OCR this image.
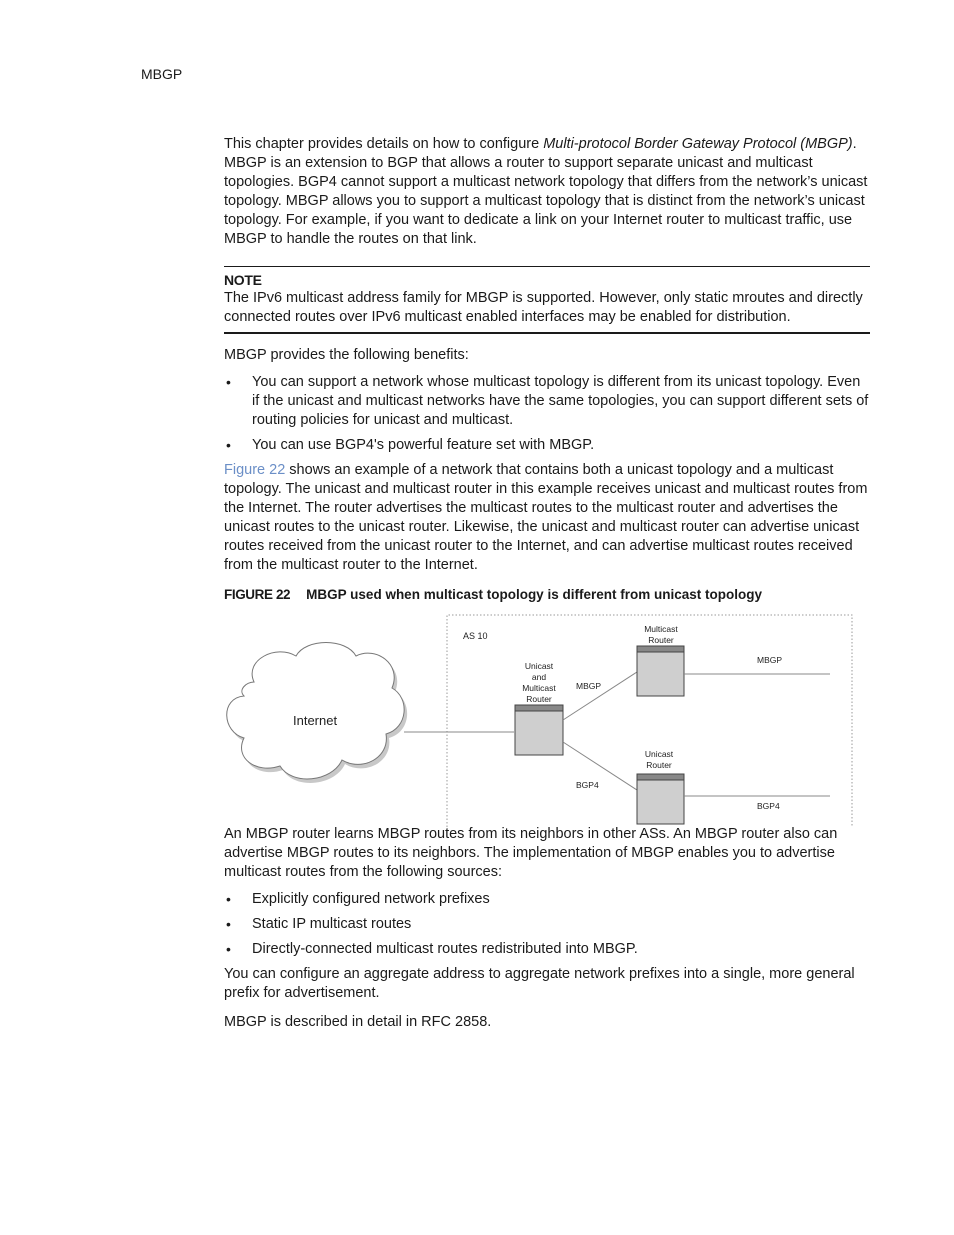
MBGP

This chapter provides details on how to configure Multi-protocol Border Gateway Protocol (MBGP). MBGP is an extension to BGP that allows a router to support separate unicast and multicast topologies. BGP4 cannot support a multicast network topology that differs from the network’s unicast topology. MBGP allows you to support a multicast topology that is distinct from the network’s unicast topology. For example, if you want to dedicate a link on your Internet router to multicast traffic, use MBGP to handle the routes on that link.

NOTE

The IPv6 multicast address family for MBGP is supported. However, only static mroutes and directly connected routes over IPv6 multicast enabled interfaces may be enabled for distribution.

MBGP provides the following benefits:

• You can support a network whose multicast topology is different from its unicast topology. Even if the unicast and multicast networks have the same topologies, you can support different sets of routing policies for unicast and multicast.
• You can use BGP4's powerful feature set with MBGP.

Figure 22 shows an example of a network that contains both a unicast topology and a multicast topology. The unicast and multicast router in this example receives unicast and multicast routes from the Internet. The router advertises the multicast routes to the multicast router and advertises the unicast routes to the unicast router. Likewise, the unicast and multicast router can advertise unicast routes received from the unicast router to the Internet, and can advertise multicast routes received from the multicast router to the Internet.

FIGURE 22 MBGP used when multicast topology is different from unicast topology

AS 10
Internet
Unicast
and
Multicast
Router
MBGP
BGP4
Multicast
Router
MBGP
Unicast
Router
BGP4

An MBGP router learns MBGP routes from its neighbors in other ASs. An MBGP router also can advertise MBGP routes to its neighbors. The implementation of MBGP enables you to advertise multicast routes from the following sources:

• Explicitly configured network prefixes
• Static IP multicast routes
• Directly-connected multicast routes redistributed into MBGP.

You can configure an aggregate address to aggregate network prefixes into a single, more general prefix for advertisement.

MBGP is described in detail in RFC 2858.
